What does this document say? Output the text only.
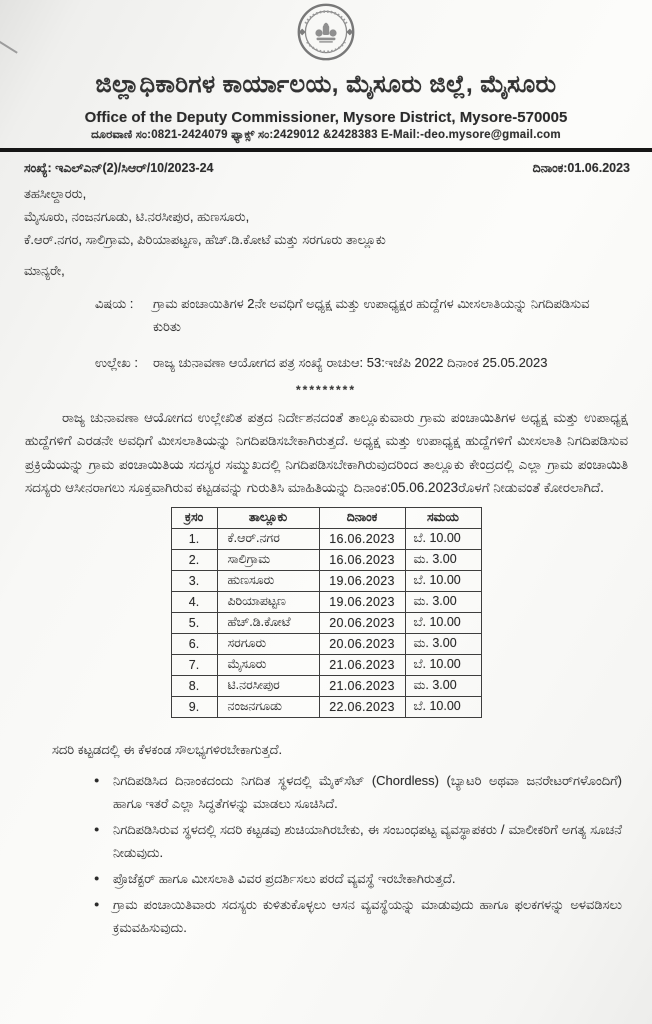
ಜಿಲ್ಲಾಧಿಕಾರಿಗಳ ಕಾರ್ಯಾಲಯ, ಮೈಸೂರು ಜಿಲ್ಲೆ, ಮೈಸೂರು
Office of the Deputy Commissioner, Mysore District, Mysore-570005
ದೂರವಾಣಿ ಸಂ:0821-2424079 ಫ್ಯಾಕ್ಸ್ ಸಂ:2429012 &2428383 E-Mail:-deo.mysore@gmail.com
ಸಂಖ್ಯೆ: ಇಎಲ್‌ಎನ್(2)/ಸಿಆರ್/10/2023-24	ದಿನಾಂಕ:01.06.2023
ತಹಸೀಲ್ದಾರರು,
ಮೈಸೂರು, ನಂಜನಗೂಡು, ಟಿ.ನರಸೀಪುರ, ಹುಣಸೂರು,
ಕೆ.ಆರ್.ನಗರ, ಸಾಲಿಗ್ರಾಮ, ಪಿರಿಯಾಪಟ್ಟಣ, ಹೆಚ್.ಡಿ.ಕೋಟೆ ಮತ್ತು ಸರಗೂರು ತಾಲ್ಲೂಕು
ಮಾನ್ಯರೇ,
ವಿಷಯ :	ಗ್ರಾಮ ಪಂಚಾಯಿತಿಗಳ 2ನೇ ಅವಧಿಗೆ ಅಧ್ಯಕ್ಷ ಮತ್ತು ಉಪಾಧ್ಯಕ್ಷರ ಹುದ್ದೆಗಳ ಮೀಸಲಾತಿಯನ್ನು ನಿಗದಿಪಡಿಸುವ ಕುರಿತು
ಉಲ್ಲೇಖ :	ರಾಜ್ಯ ಚುನಾವಣಾ ಆಯೋಗದ ಪತ್ರ ಸಂಖ್ಯೆ ರಾಚುಆ: 53:ಇಜೆಪಿ 2022 ದಿನಾಂಕ 25.05.2023
*********
ರಾಜ್ಯ ಚುನಾವಣಾ ಆಯೋಗದ ಉಲ್ಲೇಖಿತ ಪತ್ರದ ನಿರ್ದೇಶನದಂತೆ ತಾಲ್ಲೂಕುವಾರು ಗ್ರಾಮ ಪಂಚಾಯಿತಿಗಳ ಅಧ್ಯಕ್ಷ ಮತ್ತು ಉಪಾಧ್ಯಕ್ಷ ಹುದ್ದೆಗಳಿಗೆ ಎರಡನೇ ಅವಧಿಗೆ ಮೀಸಲಾತಿಯನ್ನು ನಿಗದಿಪಡಿಸಬೇಕಾಗಿರುತ್ತದೆ. ಅಧ್ಯಕ್ಷ ಮತ್ತು ಉಪಾಧ್ಯಕ್ಷ ಹುದ್ದೆಗಳಿಗೆ ಮೀಸಲಾತಿ ನಿಗದಿಪಡಿಸುವ ಪ್ರಕ್ರಿಯೆಯನ್ನು ಗ್ರಾಮ ಪಂಚಾಯಿತಿಯ ಸದಸ್ಯರ ಸಮ್ಮುಖದಲ್ಲಿ ನಿಗದಿಪಡಿಸಬೇಕಾಗಿರುವುದರಿಂದ ತಾಲ್ಲೂಕು ಕೇಂದ್ರದಲ್ಲಿ ಎಲ್ಲಾ ಗ್ರಾಮ ಪಂಚಾಯಿತಿ ಸದಸ್ಯರು ಆಸೀನರಾಗಲು ಸೂಕ್ತವಾಗಿರುವ ಕಟ್ಟಡವನ್ನು ಗುರುತಿಸಿ ಮಾಹಿತಿಯನ್ನು ದಿನಾಂಕ:05.06.2023ರೊಳಗೆ ನೀಡುವಂತೆ ಕೋರಲಾಗಿದೆ.
ಕ್ರಸಂ	ತಾಲ್ಲೂಕು	ದಿನಾಂಕ	ಸಮಯ
1.	ಕೆ.ಆರ್.ನಗರ	16.06.2023	ಬೆ. 10.00
2.	ಸಾಲಿಗ್ರಾಮ	16.06.2023	ಮ. 3.00
3.	ಹುಣಸೂರು	19.06.2023	ಬೆ. 10.00
4.	ಪಿರಿಯಾಪಟ್ಟಣ	19.06.2023	ಮ. 3.00
5.	ಹೆಚ್.ಡಿ.ಕೋಟೆ	20.06.2023	ಬೆ. 10.00
6.	ಸರಗೂರು	20.06.2023	ಮ. 3.00
7.	ಮೈಸೂರು	21.06.2023	ಬೆ. 10.00
8.	ಟಿ.ನರಸೀಪುರ	21.06.2023	ಮ. 3.00
9.	ನಂಜನಗೂಡು	22.06.2023	ಬೆ. 10.00
ಸದರಿ ಕಟ್ಟಡದಲ್ಲಿ ಈ ಕೆಳಕಂಡ ಸೌಲಭ್ಯಗಳಿರಬೇಕಾಗುತ್ತದೆ.
● ನಿಗದಿಪಡಿಸಿದ ದಿನಾಂಕದಂದು ನಿಗದಿತ ಸ್ಥಳದಲ್ಲಿ ಮೈಕ್‌ಸೆಟ್ (Chordless) (ಬ್ಯಾಟರಿ ಅಥವಾ ಜನರೇಟರ್‌ಗಳೊಂದಿಗೆ) ಹಾಗೂ ಇತರೆ ಎಲ್ಲಾ ಸಿದ್ಧತೆಗಳನ್ನು ಮಾಡಲು ಸೂಚಿಸಿದೆ.
● ನಿಗದಿಪಡಿಸಿರುವ ಸ್ಥಳದಲ್ಲಿ ಸದರಿ ಕಟ್ಟಡವು ಶುಚಿಯಾಗಿರಬೇಕು, ಈ ಸಂಬಂಧಪಟ್ಟ ವ್ಯವಸ್ಥಾಪಕರು / ಮಾಲೀಕರಿಗೆ ಅಗತ್ಯ ಸೂಚನೆ ನೀಡುವುದು.
● ಪ್ರೊಜೆಕ್ಟರ್ ಹಾಗೂ ಮೀಸಲಾತಿ ವಿವರ ಪ್ರದರ್ಶಿಸಲು ಪರದೆ ವ್ಯವಸ್ಥೆ ಇರಬೇಕಾಗಿರುತ್ತದೆ.
● ಗ್ರಾಮ ಪಂಚಾಯಿತಿವಾರು ಸದಸ್ಯರು ಕುಳಿತುಕೊಳ್ಳಲು ಆಸನ ವ್ಯವಸ್ಥೆಯನ್ನು ಮಾಡುವುದು ಹಾಗೂ ಫಲಕಗಳನ್ನು ಅಳವಡಿಸಲು ಕ್ರಮವಹಿಸುವುದು.
